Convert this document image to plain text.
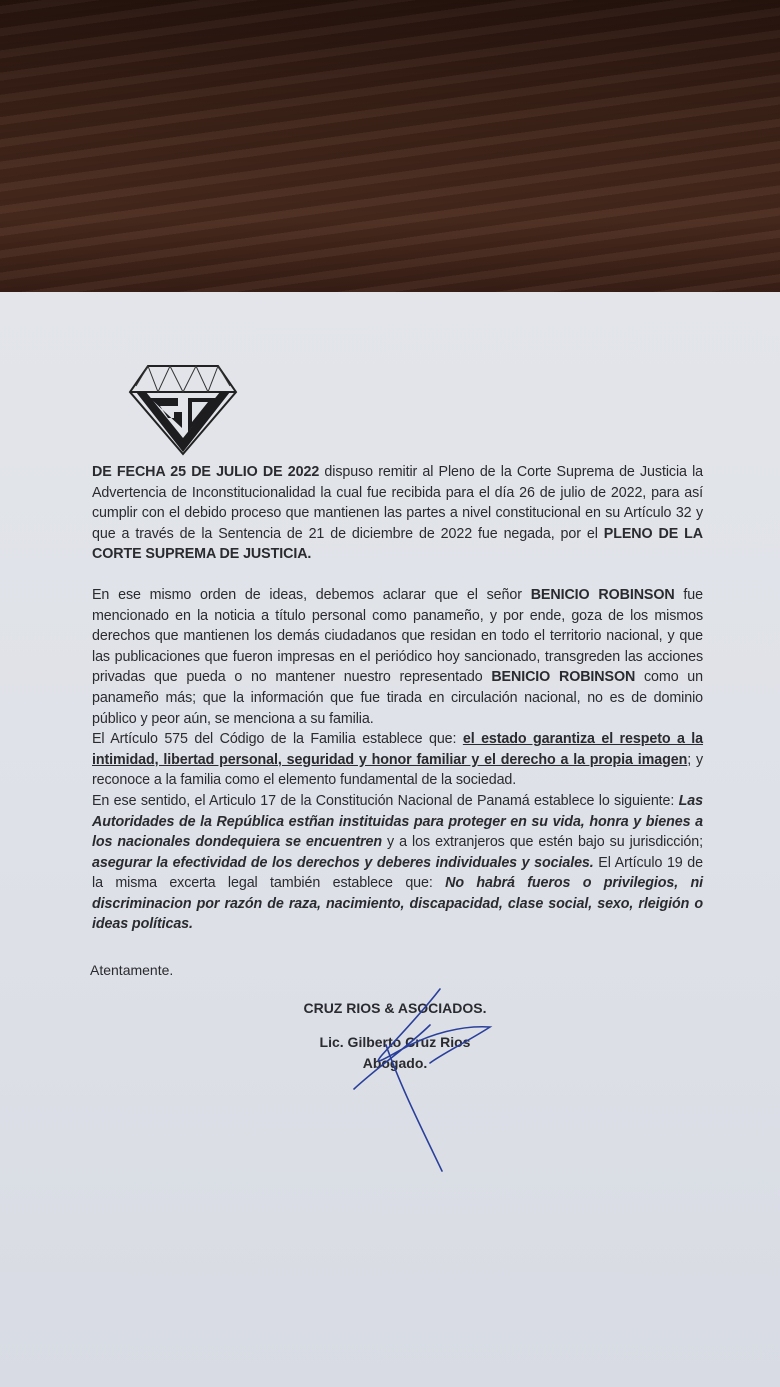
DE FECHA 25 DE JULIO DE 2022 dispuso remitir al Pleno de la Corte Suprema de Justicia la Advertencia de Inconstitucionalidad la cual fue recibida para el día 26 de julio de 2022, para así cumplir con el debido proceso que mantienen las partes a nivel constitucional en su Artículo 32 y que a través de la Sentencia de 21 de diciembre de 2022 fue negada, por el PLENO DE LA CORTE SUPREMA DE JUSTICIA.

En ese mismo orden de ideas, debemos aclarar que el señor BENICIO ROBINSON fue mencionado en la noticia a título personal como panameño, y por ende, goza de los mismos derechos que mantienen los demás ciudadanos que residan en todo el territorio nacional, y que las publicaciones que fueron impresas en el periódico hoy sancionado, transgreden las acciones privadas que pueda o no mantener nuestro representado BENICIO ROBINSON como un panameño más; que la información que fue tirada en circulación nacional, no es de dominio público y peor aún, se menciona a su familia.

El Artículo 575 del Código de la Familia establece que: el estado garantiza el respeto a la intimidad, libertad personal, seguridad y honor familiar y el derecho a la propia imagen; y reconoce a la familia como el elemento fundamental de la sociedad.

En ese sentido, el Articulo 17 de la Constitución Nacional de Panamá establece lo siguiente: Las Autoridades de la República estñan instituidas para proteger en su vida, honra y bienes a los nacionales dondequiera se encuentren y a los extranjeros que estén bajo su jurisdicción; asegurar la efectividad de los derechos y deberes individuales y sociales. El Artículo 19 de la misma excerta legal también establece que: No habrá fueros o privilegios, ni discriminacion por razón de raza, nacimiento, discapacidad, clase social, sexo, rleigión o ideas políticas.

Atentamente.
CRUZ RIOS & ASOCIADOS.
Lic. Gilberto Cruz Rios
Abogado.
